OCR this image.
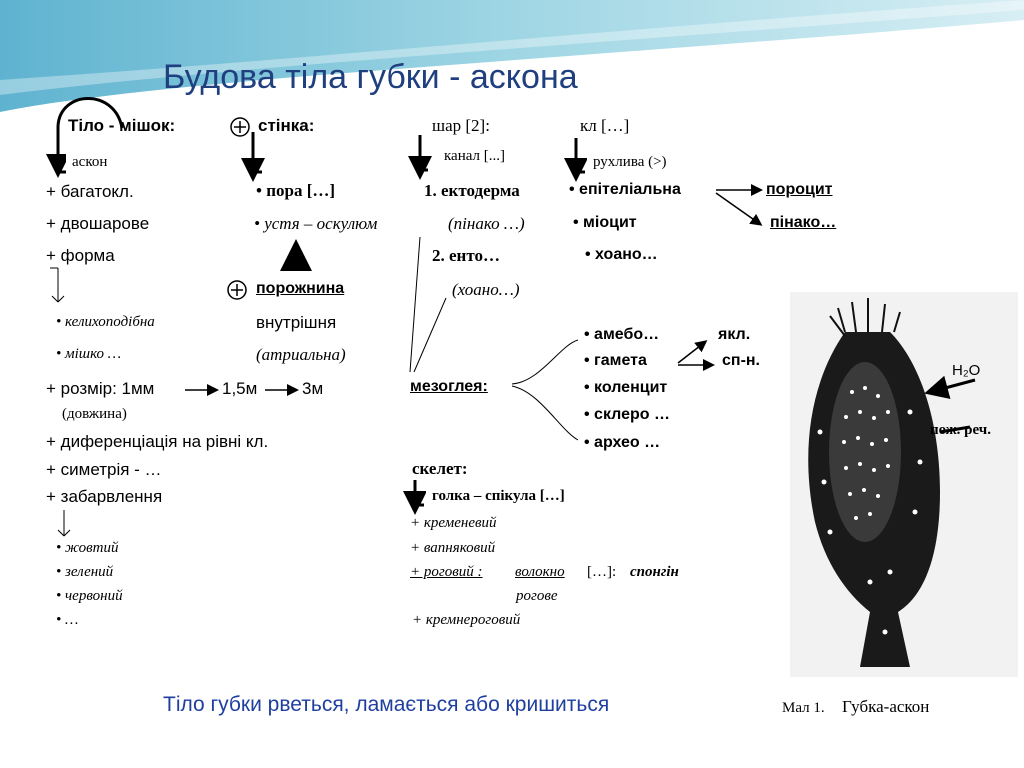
Будова тіла губки - аскона
Тіло - мішок:	стінка:	шар [2]:	кл […]
аскон	канал [...]	рухлива (>)
+ багатокл.
+ двошарове
+ форма
• келихоподібна
• мішко …
+ розмір: 1мм	1,5м	3м
(довжина)
+ диференціація на рівні кл.
+ симетрія - …
+ забарвлення
• жовтий
• зелений
• червоний
• …
• пора […]
• устя – оскулюм
порожнина
внутрішня
(атриальна)
1. ектодерма
(пінако …)
2. енто…
(хоано…)
мезоглея:
• епітеліальна	пороцит
• міоцит	пінако…
• хоано…
• амебо…
• гамета
• коленцит
• склеро …
• архео …
якл.
сп-н.
скелет:
голка – спікула […]
+ кременевий
+ вапняковий
+ роговий : волокно […]: спонгін
рогове
+ кремнероговий
H₂O
пож. реч.
Тіло губки рветься, ламається або кришиться	Мал 1. Губка-аскон
